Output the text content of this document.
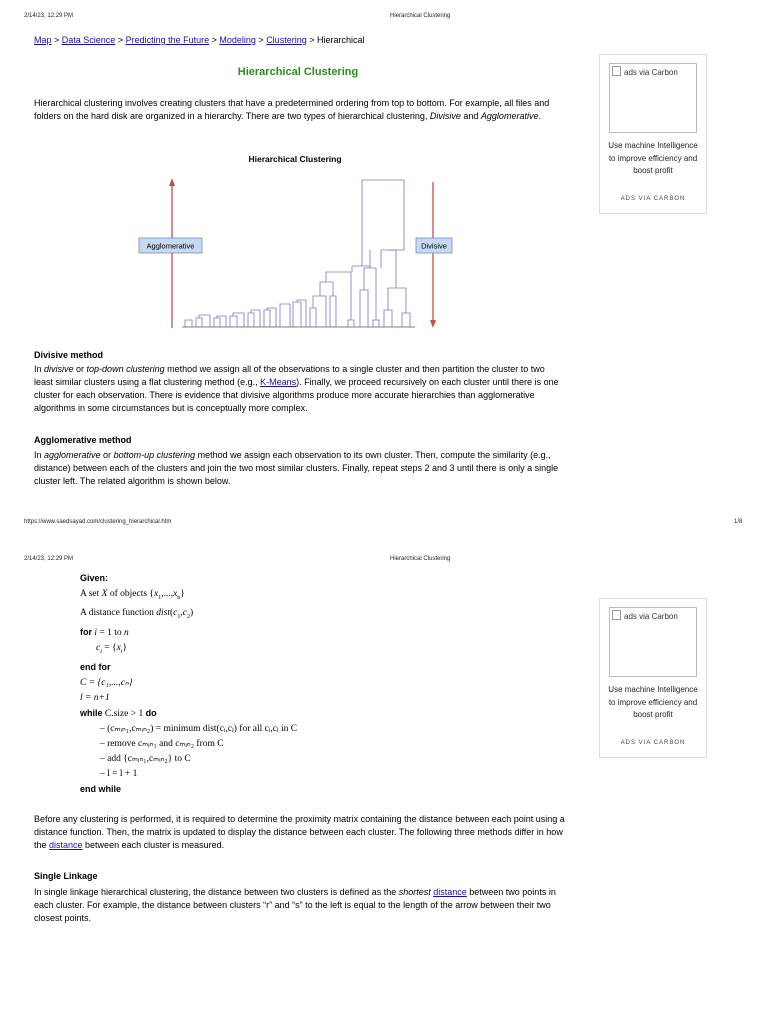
2/14/23, 12:29 PM	Hierarchical Clustering
Map > Data Science > Predicting the Future > Modeling > Clustering > Hierarchical
Hierarchical Clustering
Hierarchical clustering involves creating clusters that have a predetermined ordering from top to bottom. For example, all files and folders on the hard disk are organized in a hierarchy. There are two types of hierarchical clustering, Divisive and Agglomerative.
Hierarchical Clustering
Agglomerative	Divisive
Divisive method
In divisive or top-down clustering method we assign all of the observations to a single cluster and then partition the cluster to two least similar clusters using a flat clustering method (e.g., K-Means). Finally, we proceed recursively on each cluster until there is one cluster for each observation. There is evidence that divisive algorithms produce more accurate hierarchies than agglomerative algorithms in some circumstances but is conceptually more complex.
Agglomerative method
In agglomerative or bottom-up clustering method we assign each observation to its own cluster. Then, compute the similarity (e.g., distance) between each of the clusters and join the two most similar clusters. Finally, repeat steps 2 and 3 until there is only a single cluster left. The related algorithm is shown below.
ads via Carbon
Use machine Intelligence to improve efficiency and boost profit
ADS VIA CARBON
https://www.saedsayad.com/clustering_hierarchical.htm	1/8
2/14/23, 12:29 PM	Hierarchical Clustering
Given:
A set X of objects $\{x_1,...,x_n\}$
A distance function $dist(c_1,c_2)$
for i = 1 to n
$c_i = \{x_i\}$
end for
C = {c₁,...,cₙ}
l = n+1
while C.size > 1 do
– (cₘᵢₙ₁,cₘᵢₙ₂) = minimum dist(cᵢ,cⱼ) for all cᵢ,cⱼ in C
– remove cₘᵢₙ₁ and cₘᵢₙ₂ from C
– add {cₘᵢₙ₁,cₘᵢₙ₂} to C
– l = l + 1
end while
Before any clustering is performed, it is required to determine the proximity matrix containing the distance between each point using a distance function. Then, the matrix is updated to display the distance between each cluster. The following three methods differ in how the distance between each cluster is measured.
Single Linkage
In single linkage hierarchical clustering, the distance between two clusters is defined as the shortest distance between two points in each cluster. For example, the distance between clusters “r” and “s” to the left is equal to the length of the arrow between their two closest points.
ads via Carbon
Use machine Intelligence to improve efficiency and boost profit
ADS VIA CARBON
